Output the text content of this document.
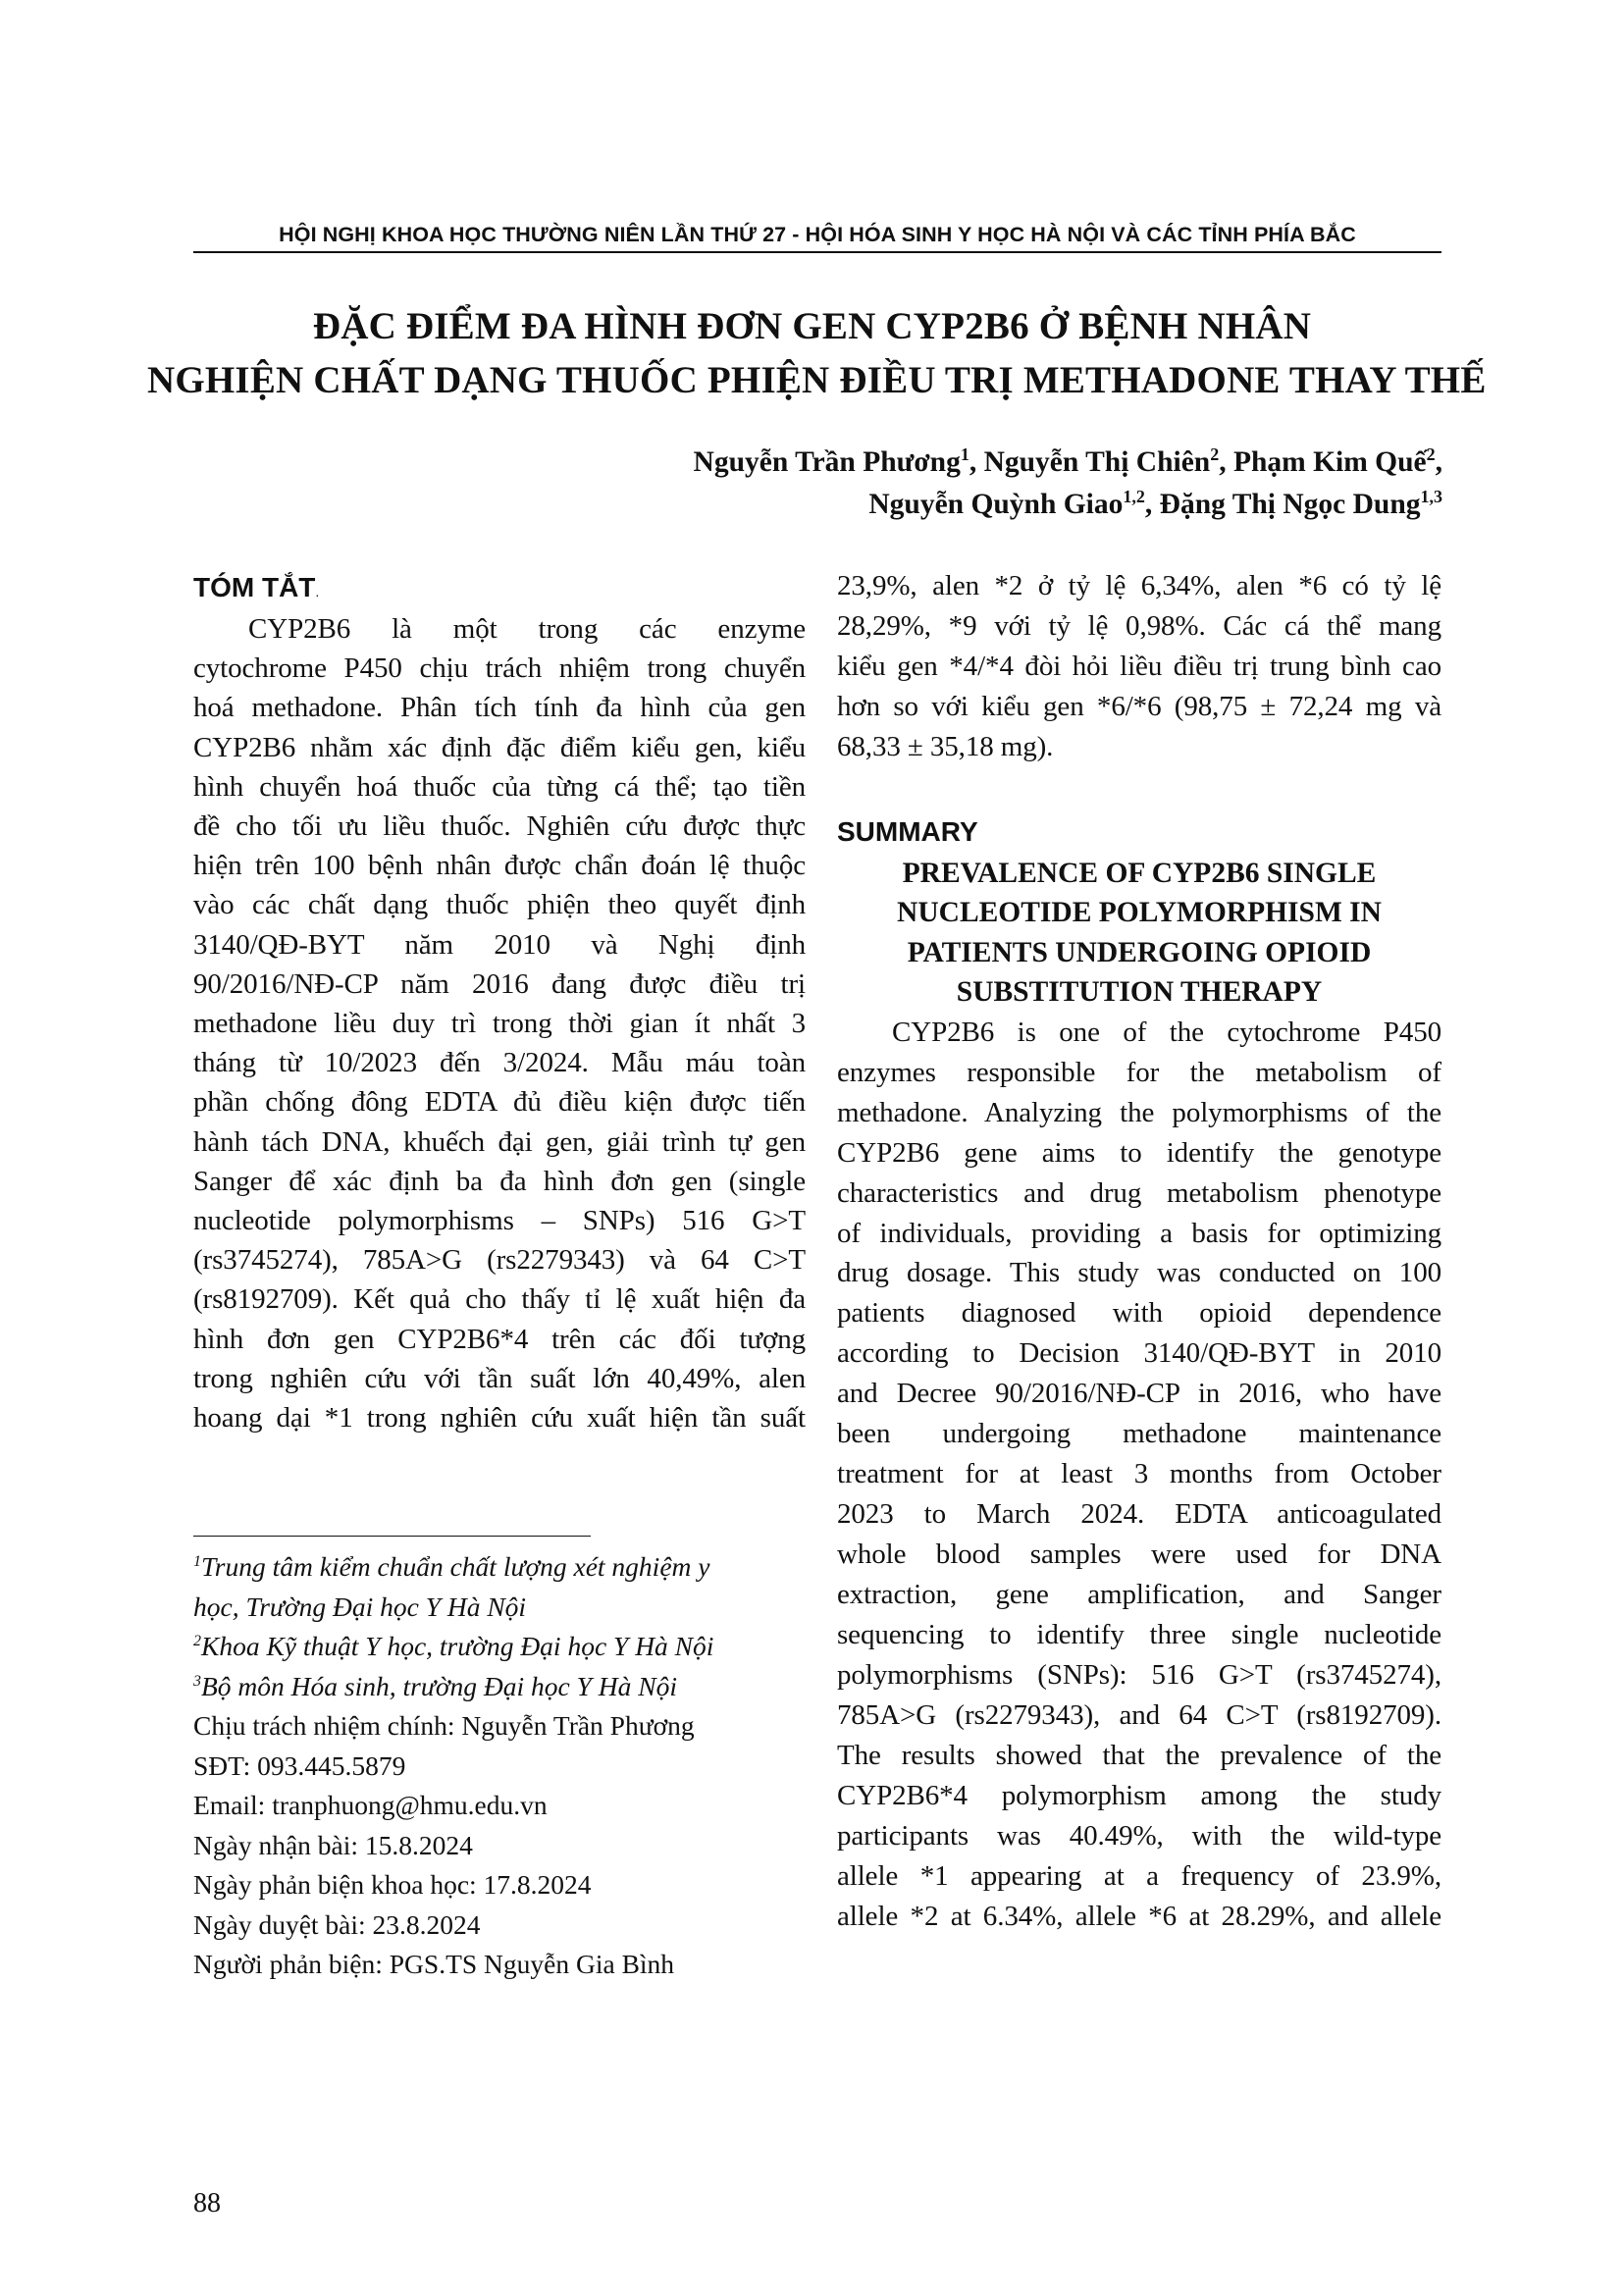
HỘI NGHỊ KHOA HỌC THƯỜNG NIÊN LẦN THỨ 27 - HỘI HÓA SINH Y HỌC HÀ NỘI VÀ CÁC TỈNH PHÍA BẮC
ĐẶC ĐIỂM ĐA HÌNH ĐƠN GEN CYP2B6 Ở BỆNH NHÂN
NGHIỆN CHẤT DẠNG THUỐC PHIỆN ĐIỀU TRỊ METHADONE THAY THẾ
Nguyễn Trần Phương$^1$, Nguyễn Thị Chiên$^2$, Phạm Kim Quế$^2$,
Nguyễn Quỳnh Giao$^{1,2}$, Đặng Thị Ngọc Dung$^{1,3}$
TÓM TẮT.
CYP2B6 là một trong các enzyme
cytochrome P450 chịu trách nhiệm trong chuyển
hoá methadone. Phân tích tính đa hình của gen
CYP2B6 nhằm xác định đặc điểm kiểu gen, kiểu
hình chuyển hoá thuốc của từng cá thể; tạo tiền
đề cho tối ưu liều thuốc. Nghiên cứu được thực
hiện trên 100 bệnh nhân được chẩn đoán lệ thuộc
vào các chất dạng thuốc phiện theo quyết định
3140/QĐ-BYT năm 2010 và Nghị định
90/2016/NĐ-CP năm 2016 đang được điều trị
methadone liều duy trì trong thời gian ít nhất 3
tháng từ 10/2023 đến 3/2024. Mẫu máu toàn
phần chống đông EDTA đủ điều kiện được tiến
hành tách DNA, khuếch đại gen, giải trình tự gen
Sanger để xác định ba đa hình đơn gen (single
nucleotide polymorphisms – SNPs) 516 G>T
(rs3745274), 785A>G (rs2279343) và 64 C>T
(rs8192709). Kết quả cho thấy tỉ lệ xuất hiện đa
hình đơn gen CYP2B6*4 trên các đối tượng
trong nghiên cứu với tần suất lớn 40,49%, alen
hoang dại *1 trong nghiên cứu xuất hiện tần suất
$^1$Trung tâm kiểm chuẩn chất lượng xét nghiệm y
học, Trường Đại học Y Hà Nội
$^2$Khoa Kỹ thuật Y học, trường Đại học Y Hà Nội
$^3$Bộ môn Hóa sinh, trường Đại học Y Hà Nội
Chịu trách nhiệm chính: Nguyễn Trần Phương
SĐT: 093.445.5879
Email: tranphuong@hmu.edu.vn
Ngày nhận bài: 15.8.2024
Ngày phản biện khoa học: 17.8.2024
Ngày duyệt bài: 23.8.2024
Người phản biện: PGS.TS Nguyễn Gia Bình
23,9%, alen *2 ở tỷ lệ 6,34%, alen *6 có tỷ lệ
28,29%, *9 với tỷ lệ 0,98%. Các cá thể mang
kiểu gen *4/*4 đòi hỏi liều điều trị trung bình cao
hơn so với kiểu gen *6/*6 (98,75 ± 72,24 mg và
68,33 ± 35,18 mg).
SUMMARY
PREVALENCE OF CYP2B6 SINGLE
NUCLEOTIDE POLYMORPHISM IN
PATIENTS UNDERGOING OPIOID
SUBSTITUTION THERAPY
CYP2B6 is one of the cytochrome P450
enzymes responsible for the metabolism of
methadone. Analyzing the polymorphisms of the
CYP2B6 gene aims to identify the genotype
characteristics and drug metabolism phenotype
of individuals, providing a basis for optimizing
drug dosage. This study was conducted on 100
patients diagnosed with opioid dependence
according to Decision 3140/QĐ-BYT in 2010
and Decree 90/2016/NĐ-CP in 2016, who have
been undergoing methadone maintenance
treatment for at least 3 months from October
2023 to March 2024. EDTA anticoagulated
whole blood samples were used for DNA
extraction, gene amplification, and Sanger
sequencing to identify three single nucleotide
polymorphisms (SNPs): 516 G>T (rs3745274),
785A>G (rs2279343), and 64 C>T (rs8192709).
The results showed that the prevalence of the
CYP2B6*4 polymorphism among the study
participants was 40.49%, with the wild-type
allele *1 appearing at a frequency of 23.9%,
allele *2 at 6.34%, allele *6 at 28.29%, and allele
88
